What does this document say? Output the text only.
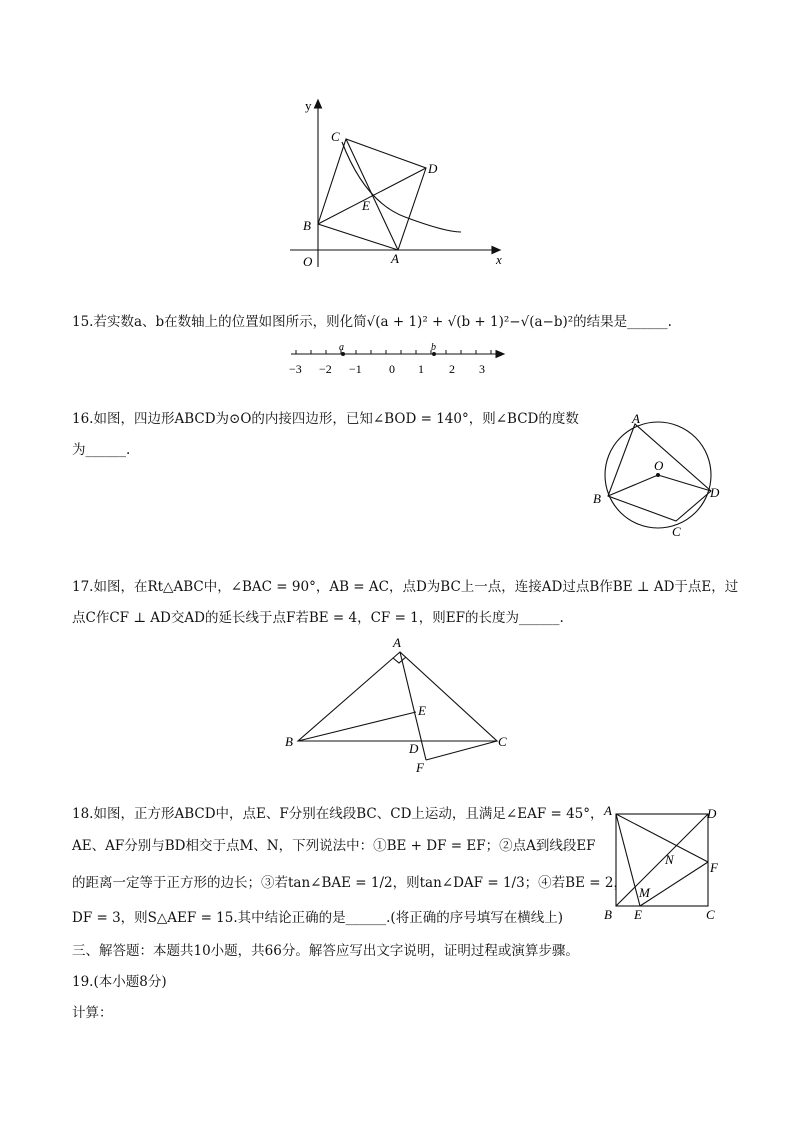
y
x
O	A
B
C
D
E
15.若实数a、b在数轴上的位置如图所示，则化简√(a + 1)² + √(b + 1)²−√(a−b)²的结果是______.
a	b
−3 −2 −1 0 1 2 3
16.如图，四边形ABCD为⊙O的内接四边形，已知∠BOD = 140°，则∠BCD的度数
为______.
A
B
C
D
O
17.如图，在Rt△ABC中，∠BAC = 90°，AB = AC，点D为BC上一点，连接AD过点B作BE ⊥ AD于点E，过
点C作CF ⊥ AD交AD的延长线于点F若BE = 4，CF = 1，则EF的长度为______.
A
B	C
D
E
F
18.如图，正方形ABCD中，点E、F分别在线段BC、CD上运动，且满足∠EAF = 45°，
AE、AF分别与BD相交于点M、N，下列说法中：①BE + DF = EF；②点A到线段EF
的距离一定等于正方形的边长；③若tan∠BAE = 1/2，则tan∠DAF = 1/3；④若BE = 2，
DF = 3，则S△AEF = 15.其中结论正确的是______.(将正确的序号填写在横线上)
A	D
B	C
E
F
M
N
三、解答题：本题共10小题，共66分。解答应写出文字说明，证明过程或演算步骤。
19.(本小题8分)
计算：
